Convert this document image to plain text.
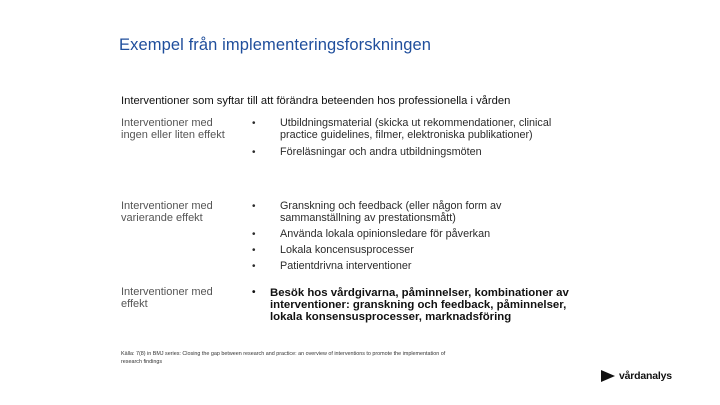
Exempel från implementeringsforskningen
Interventioner som syftar till att förändra beteenden hos professionella i vården
Interventioner med ingen eller liten effekt
• Utbildningsmaterial (skicka ut rekommendationer, clinical practice guidelines, filmer, elektroniska publikationer)
• Föreläsningar och andra utbildningsmöten
Interventioner med varierande effekt
• Granskning och feedback (eller någon form av sammanställning av prestationsmått)
• Använda lokala opinionsledare för påverkan
• Lokala koncensusprocesser
• Patientdrivna interventioner
Interventioner med effekt
• Besök hos vårdgivarna, påminnelser, kombinationer av interventioner: granskning och feedback, påminnelser, lokala konsensusprocesser, marknadsföring
Källa: 7(8) in BMJ series: Closing the gap between research and practice: an overview of interventions to promote the implementation of research findings
vårdanalys
